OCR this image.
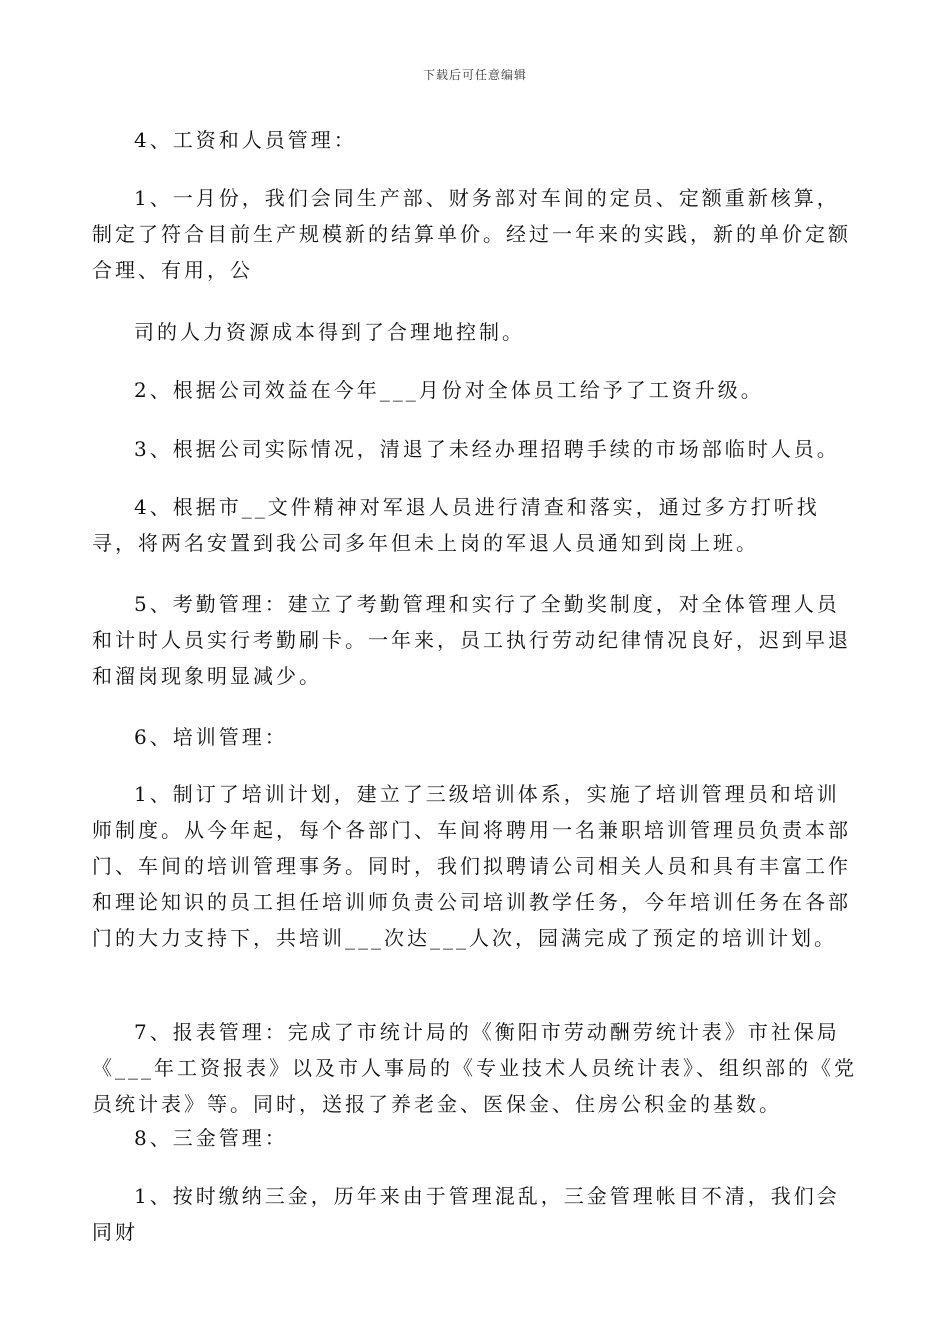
下载后可任意编辑

4、工资和人员管理：

1、一月份，我们会同生产部、财务部对车间的定员、定额重新核算，制定了符合目前生产规模新的结算单价。经过一年来的实践，新的单价定额合理、有用，公

司的人力资源成本得到了合理地控制。

2、根据公司效益在今年___月份对全体员工给予了工资升级。

3、根据公司实际情况，清退了未经办理招聘手续的市场部临时人员。

4、根据市__文件精神对军退人员进行清查和落实，通过多方打听找寻，将两名安置到我公司多年但未上岗的军退人员通知到岗上班。

5、考勤管理：建立了考勤管理和实行了全勤奖制度，对全体管理人员和计时人员实行考勤刷卡。一年来，员工执行劳动纪律情况良好，迟到早退和溜岗现象明显减少。

6、培训管理：

1、制订了培训计划，建立了三级培训体系，实施了培训管理员和培训师制度。从今年起，每个各部门、车间将聘用一名兼职培训管理员负责本部门、车间的培训管理事务。同时，我们拟聘请公司相关人员和具有丰富工作和理论知识的员工担任培训师负责公司培训教学任务，今年培训任务在各部门的大力支持下，共培训___次达___人次，园满完成了预定的培训计划。

7、报表管理：完成了市统计局的《衡阳市劳动酬劳统计表》市社保局《___年工资报表》以及市人事局的《专业技术人员统计表》、组织部的《党员统计表》等。同时，送报了养老金、医保金、住房公积金的基数。

8、三金管理：

1、按时缴纳三金，历年来由于管理混乱，三金管理帐目不清，我们会同财
